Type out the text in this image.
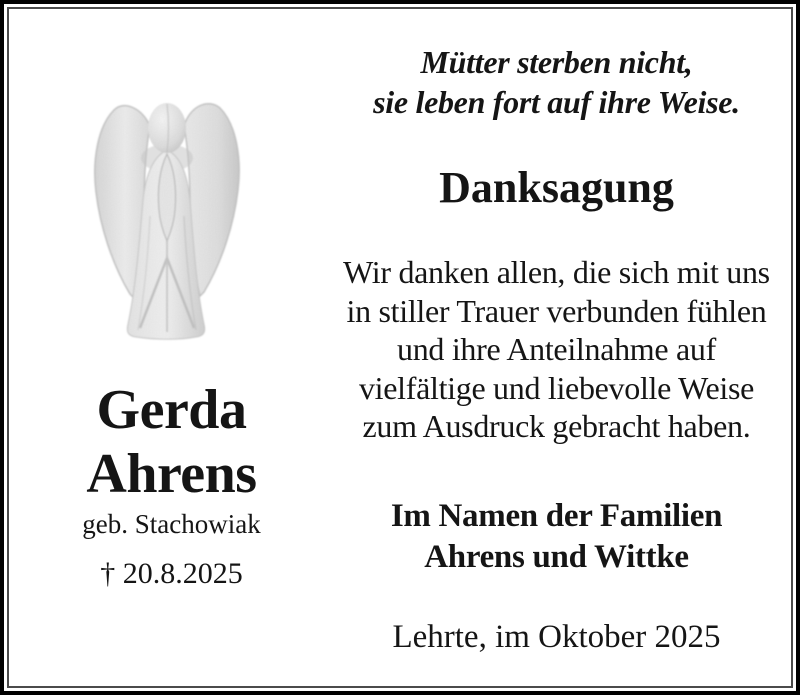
Gerda
Ahrens
geb. Stachowiak
† 20.8.2025
Mütter sterben nicht,
sie leben fort auf ihre Weise.
Danksagung
Wir danken allen, die sich mit uns
in stiller Trauer verbunden fühlen
und ihre Anteilnahme auf
vielfältige und liebevolle Weise
zum Ausdruck gebracht haben.
Im Namen der Familien
Ahrens und Wittke
Lehrte, im Oktober 2025
